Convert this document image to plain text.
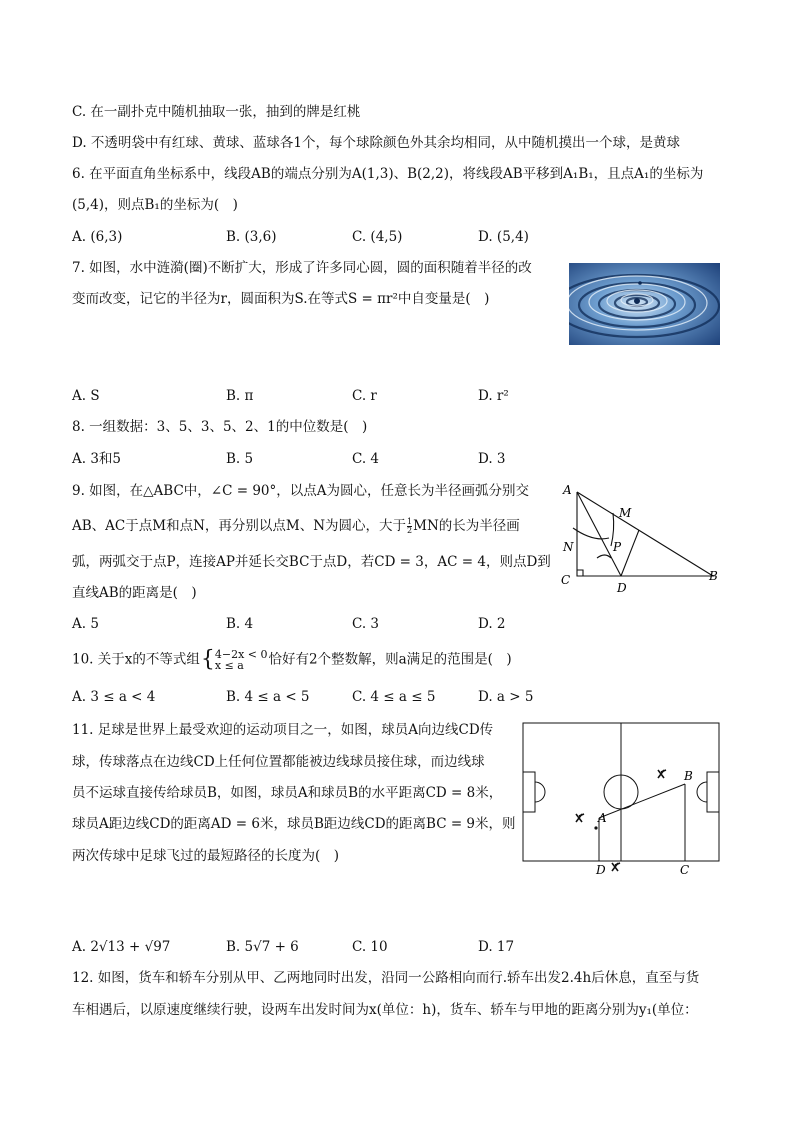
C. 在一副扑克中随机抽取一张，抽到的牌是红桃
D. 不透明袋中有红球、黄球、蓝球各1个，每个球除颜色外其余均相同，从中随机摸出一个球，是黄球
6. 在平面直角坐标系中，线段AB的端点分别为A(1,3)、B(2,2)，将线段AB平移到A₁B₁，且点A₁的坐标为
(5,4)，则点B₁的坐标为(　)
A. (6,3)	B. (3,6)	C. (4,5)	D. (5,4)
7. 如图，水中涟漪(圈)不断扩大，形成了许多同心圆，圆的面积随着半径的改
变而改变，记它的半径为r，圆面积为S.在等式S = πr²中自变量是(　)
A. S	B. π	C. r	D. r²
8. 一组数据：3、5、3、5、2、1的中位数是(　)
A. 3和5	B. 5	C. 4	D. 3
9. 如图，在△ABC中，∠C = 90°，以点A为圆心，任意长为半径画弧分别交
AB、AC于点M和点N，再分别以点M、N为圆心，大于 $\frac{1}{2}$ MN的长为半径画
弧，两弧交于点P，连接AP并延长交BC于点D，若CD = 3，AC = 4，则点D到
直线AB的距离是(　)
A
M
N	P
C
D
B
A. 5	B. 4	C. 3	D. 2
10. 关于x的不等式组{ 4−2x < 0
x ≤ a	恰好有2个整数解，则a满足的范围是(　)
A. 3 ≤ a < 4	B. 4 ≤ a < 5	C. 4 ≤ a ≤ 5	D. a > 5
11. 足球是世界上最受欢迎的运动项目之一，如图，球员A向边线CD传
球，传球落点在边线CD上任何位置都能被边线球员接住球，而边线球
员不运球直接传给球员B，如图，球员A和球员B的水平距离CD = 8米，
球员A距边线CD的距离AD = 6米，球员B距边线CD的距离BC = 9米，则
两次传球中足球飞过的最短路径的长度为(　)
A
B
D	C
A. 2√13 + √97	B. 5√7 + 6	C. 10	D. 17
12. 如图，货车和轿车分别从甲、乙两地同时出发，沿同一公路相向而行.轿车出发2.4h后休息，直至与货
车相遇后，以原速度继续行驶，设两车出发时间为x(单位：h)，货车、轿车与甲地的距离分别为y₁(单位：
